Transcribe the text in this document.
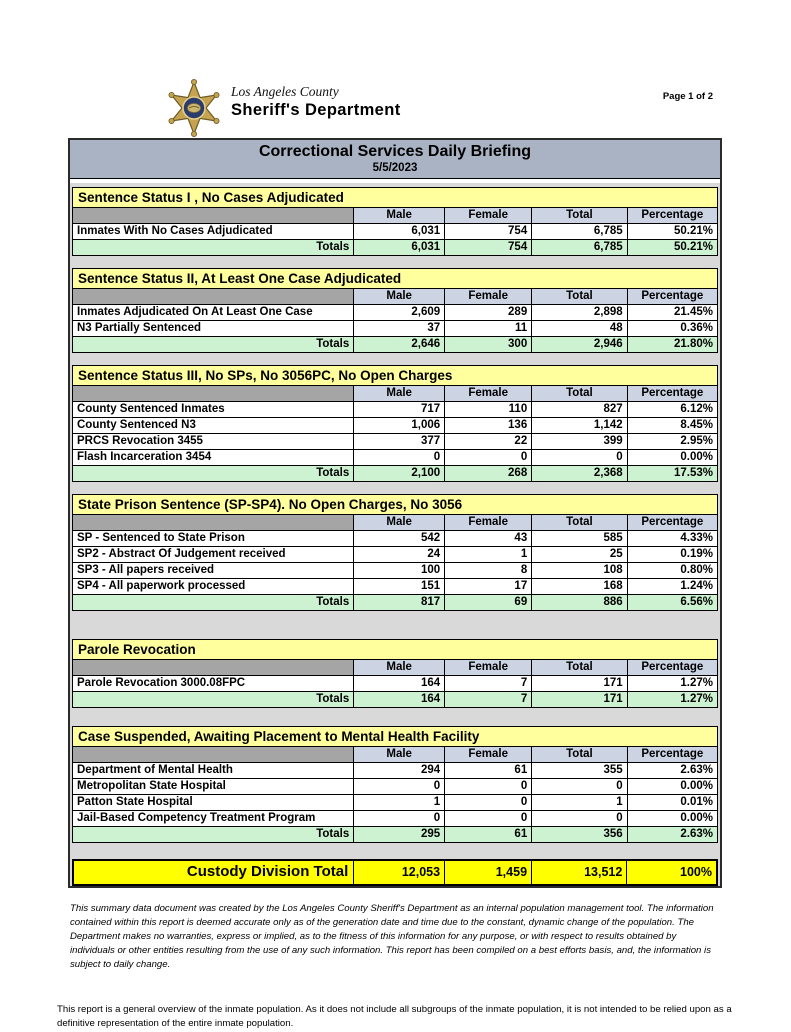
Los Angeles County
Sheriff's Department
Page 1 of 2
Correctional Services Daily Briefing
5/5/2023
Sentence Status I , No Cases Adjudicated
	Male	Female	Total	Percentage
Inmates With No Cases Adjudicated	6,031	754	6,785	50.21%
Totals	6,031	754	6,785	50.21%
Sentence Status II, At Least One Case Adjudicated
	Male	Female	Total	Percentage
Inmates Adjudicated On At Least One Case	2,609	289	2,898	21.45%
N3 Partially Sentenced	37	11	48	0.36%
Totals	2,646	300	2,946	21.80%
Sentence Status III, No SPs, No 3056PC, No Open Charges
	Male	Female	Total	Percentage
County Sentenced Inmates	717	110	827	6.12%
County Sentenced N3	1,006	136	1,142	8.45%
PRCS Revocation 3455	377	22	399	2.95%
Flash Incarceration 3454	0	0	0	0.00%
Totals	2,100	268	2,368	17.53%
State Prison Sentence (SP-SP4). No Open Charges, No 3056
	Male	Female	Total	Percentage
SP - Sentenced to State Prison	542	43	585	4.33%
SP2 - Abstract Of Judgement received	24	1	25	0.19%
SP3 - All papers received	100	8	108	0.80%
SP4 - All paperwork processed	151	17	168	1.24%
Totals	817	69	886	6.56%
Parole Revocation
	Male	Female	Total	Percentage
Parole Revocation 3000.08FPC	164	7	171	1.27%
Totals	164	7	171	1.27%
Case Suspended, Awaiting Placement to Mental Health Facility
	Male	Female	Total	Percentage
Department of Mental Health	294	61	355	2.63%
Metropolitan State Hospital	0	0	0	0.00%
Patton State Hospital	1	0	1	0.01%
Jail-Based Competency Treatment Program	0	0	0	0.00%
Totals	295	61	356	2.63%
Custody Division Total	12,053	1,459	13,512	100%

This summary data document was created by the Los Angeles County Sheriff's Department as an internal population management tool. The information contained within this report is deemed accurate only as of the generation date and time due to the constant, dynamic change of the population. The Department makes no warranties, express or implied, as to the fitness of this information for any purpose, or with respect to results obtained by individuals or other entities resulting from the use of any such information. This report has been compiled on a best efforts basis, and, the information is subject to daily change.

This report is a general overview of the inmate population. As it does not include all subgroups of the inmate population, it is not intended to be relied upon as a definitive representation of the entire inmate population.
